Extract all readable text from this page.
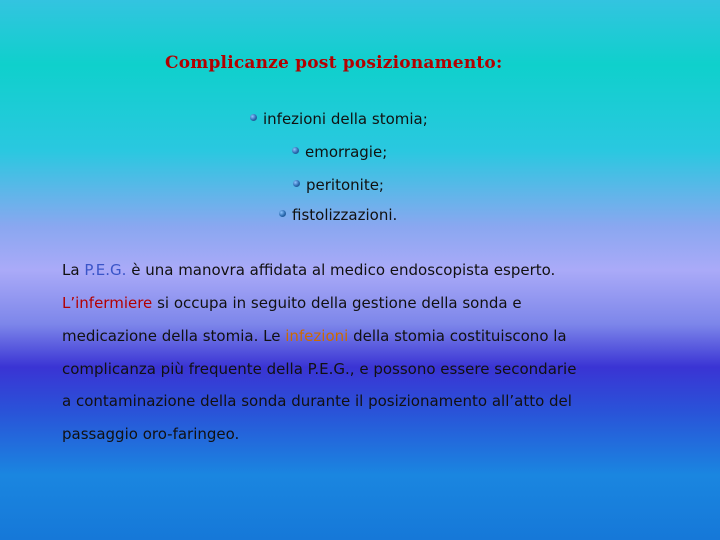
Complicanze post posizionamento:
infezioni della stomia;
emorragie;
peritonite;
fistolizzazioni.
La P.E.G. è una manovra affidata al medico endoscopista esperto.
L’infermiere si occupa in seguito della gestione della sonda e
medicazione della stomia. Le infezioni della stomia costituiscono la
complicanza più frequente della P.E.G., e possono essere secondarie
a contaminazione della sonda durante il posizionamento all’atto del
passaggio oro-faringeo.
